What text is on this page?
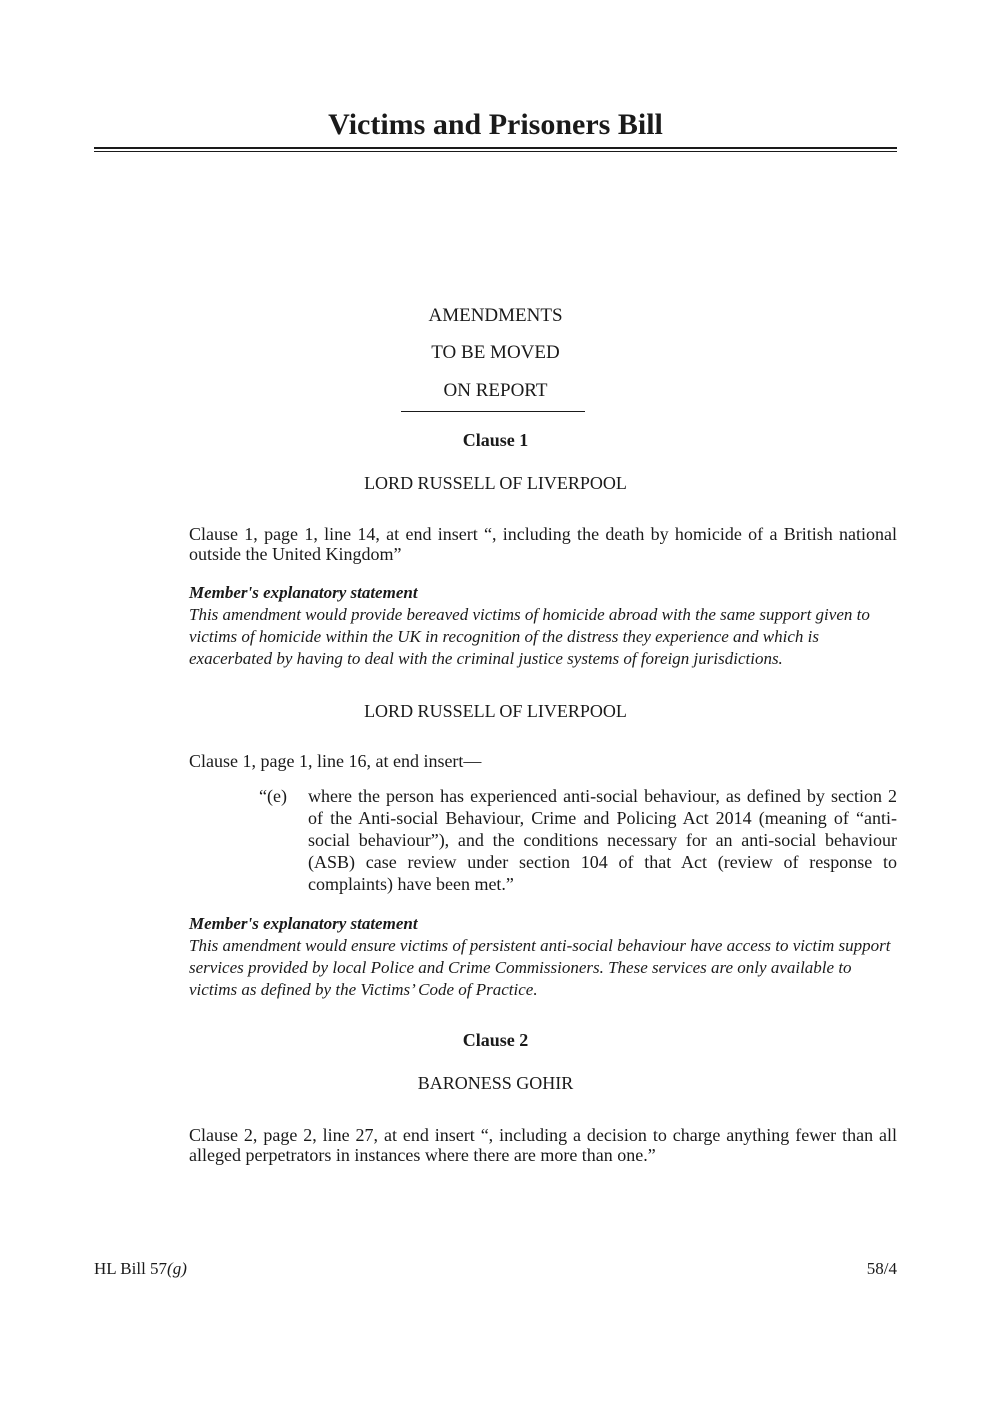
Victims and Prisoners Bill
AMENDMENTS
TO BE MOVED
ON REPORT
Clause 1
LORD RUSSELL OF LIVERPOOL
Clause 1, page 1, line 14, at end insert “, including the death by homicide of a British national outside the United Kingdom”
Member's explanatory statement
This amendment would provide bereaved victims of homicide abroad with the same support given to victims of homicide within the UK in recognition of the distress they experience and which is exacerbated by having to deal with the criminal justice systems of foreign jurisdictions.
LORD RUSSELL OF LIVERPOOL
Clause 1, page 1, line 16, at end insert—
“(e)	where the person has experienced anti-social behaviour, as defined by section 2 of the Anti-social Behaviour, Crime and Policing Act 2014 (meaning of “anti-social behaviour”), and the conditions necessary for an anti-social behaviour (ASB) case review under section 104 of that Act (review of response to complaints) have been met.”
Member's explanatory statement
This amendment would ensure victims of persistent anti-social behaviour have access to victim support services provided by local Police and Crime Commissioners. These services are only available to victims as defined by the Victims’ Code of Practice.
Clause 2
BARONESS GOHIR
Clause 2, page 2, line 27, at end insert “, including a decision to charge anything fewer than all alleged perpetrators in instances where there are more than one.”
HL Bill 57(g)	58/4
